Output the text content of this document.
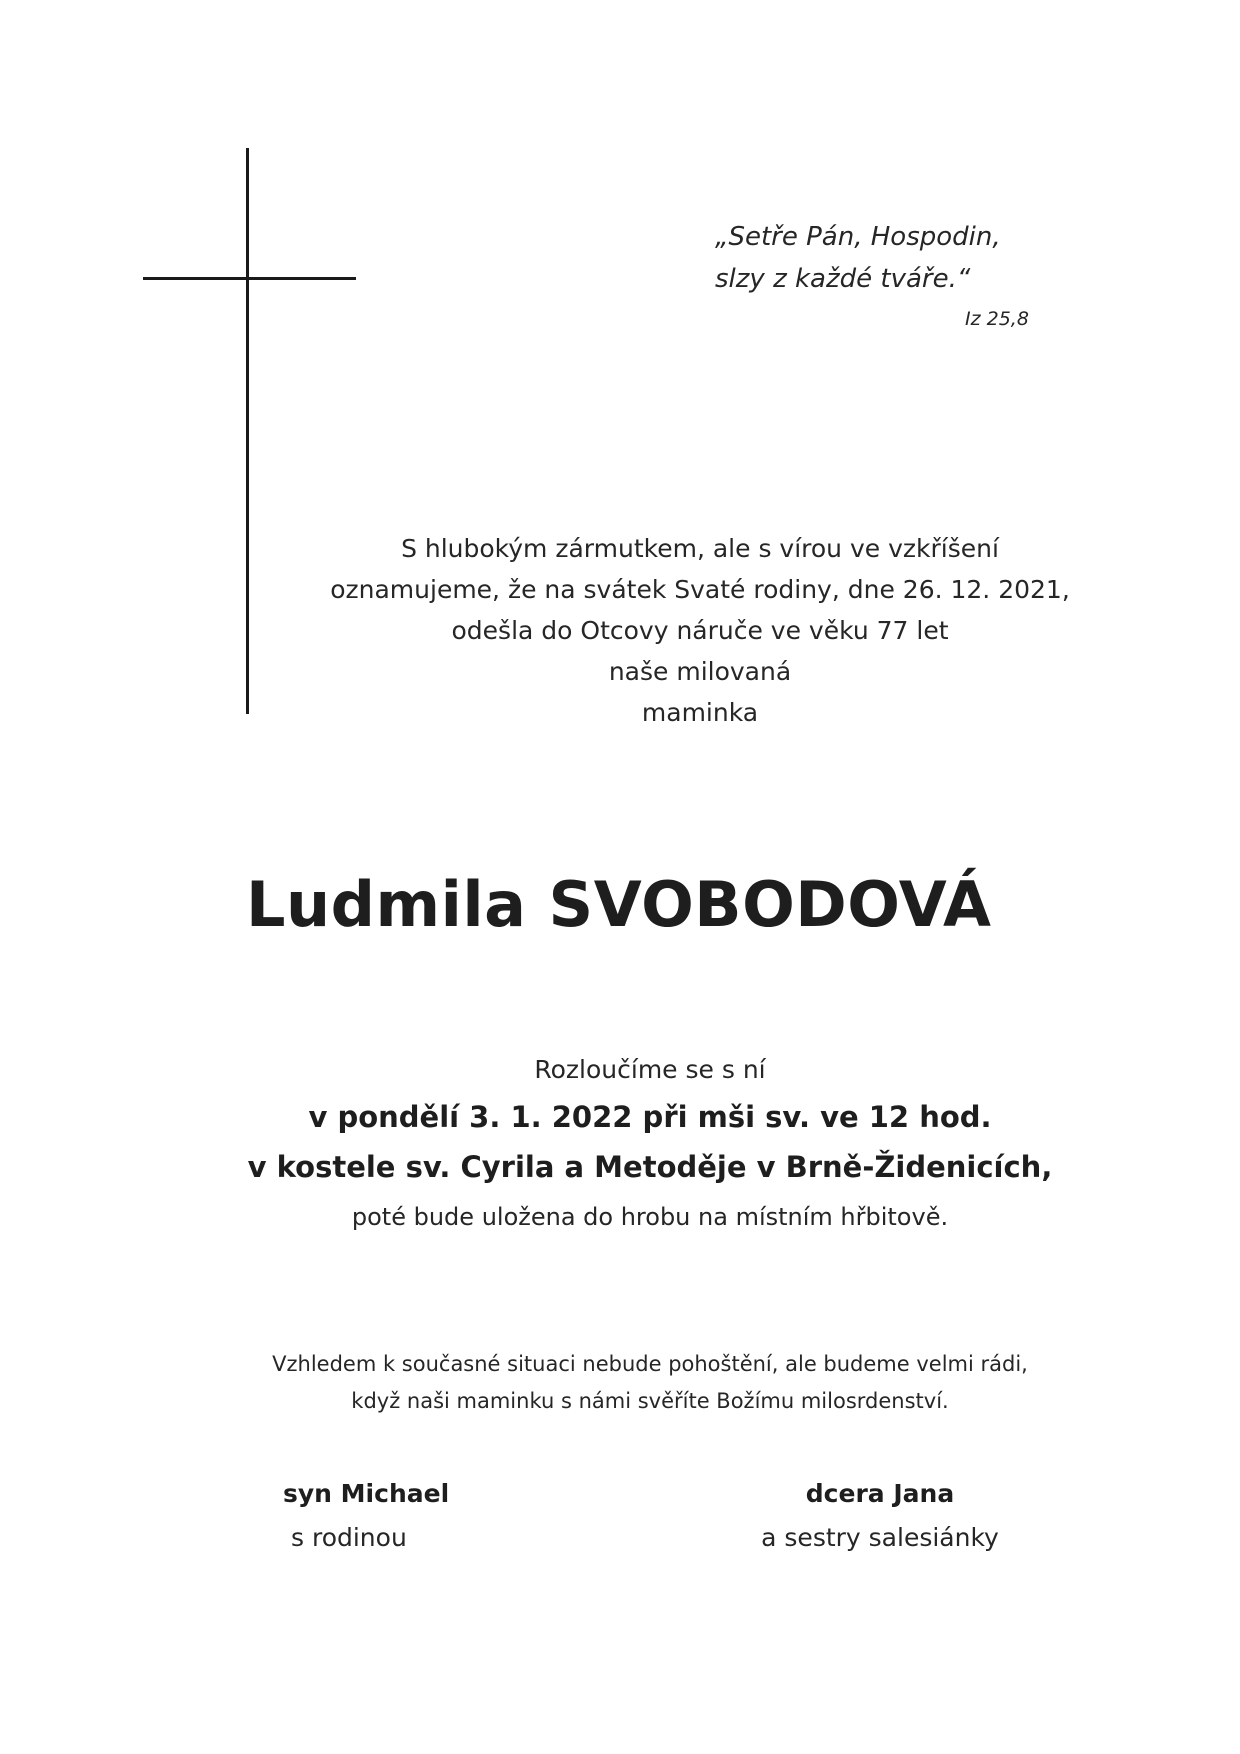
„Setře Pán, Hospodin,
slzy z každé tváře.“
Iz 25,8
S hlubokým zármutkem, ale s vírou ve vzkříšení
oznamujeme, že na svátek Svaté rodiny, dne 26. 12. 2021,
odešla do Otcovy náruče ve věku 77 let
naše milovaná
maminka
Ludmila SVOBODOVÁ
Rozloučíme se s ní
v pondělí 3. 1. 2022 při mši sv. ve 12 hod.
v kostele sv. Cyrila a Metoděje v Brně-Židenicích,
poté bude uložena do hrobu na místním hřbitově.
Vzhledem k současné situaci nebude pohoštění, ale budeme velmi rádi,
když naši maminku s námi svěříte Božímu milosrdenství.
syn Michael
s rodinou
dcera Jana
a sestry salesiánky
